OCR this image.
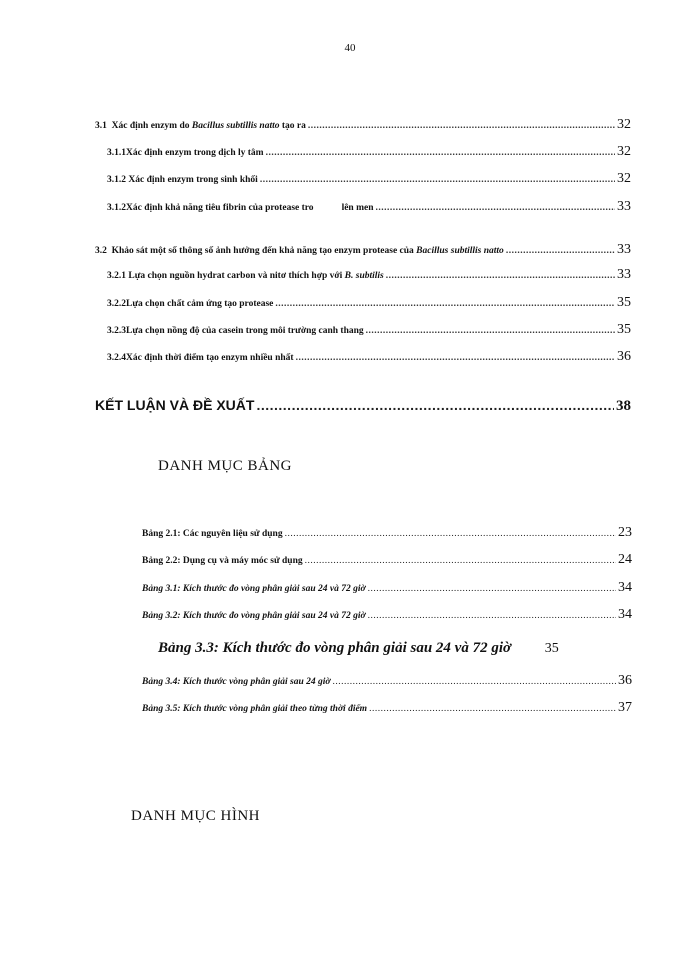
40
3.1 Xác định enzym do Bacillus subtillis natto tạo ra .....	32
3.1.1Xác định enzym trong dịch ly tâm .....	32
3.1.2 Xác định enzym trong sinh khối .....	32
3.1.2Xác định khả năng tiêu fibrin của protease tro	lên men .....	33
3.2 Khảo sát một số thông số ảnh hưởng đến khả năng tạo enzym protease của Bacillus subtillis natto .....	33
3.2.1 Lựa chọn nguồn hydrat carbon và nitơ thích hợp với B. subtilis .....	33
3.2.2Lựa chọn chất cảm ứng tạo protease .....	35
3.2.3Lựa chọn nồng độ của casein trong môi trường canh thang .....	35
3.2.4Xác định thời điểm tạo enzym nhiều nhất .....	36
KẾT LUẬN VÀ ĐỀ XUẤT .....	38
DANH MỤC BẢNG
Bảng 2.1: Các nguyên liệu sử dụng .....	23
Bảng 2.2: Dụng cụ và máy móc sử dụng .....	24
Bảng 3.1: Kích thước đo vòng phân giải sau 24 và 72 giờ .....	34
Bảng 3.2: Kích thước đo vòng phân giải sau 24 và 72 giờ .....	34
Bảng 3.3: Kích thước đo vòng phân giải sau 24 và 72 giờ 35
Bảng 3.4: Kích thước vòng phân giải sau 24 giờ .....	36
Bảng 3.5: Kích thước vòng phân giải theo từng thời điểm .....	37
DANH MỤC HÌNH
